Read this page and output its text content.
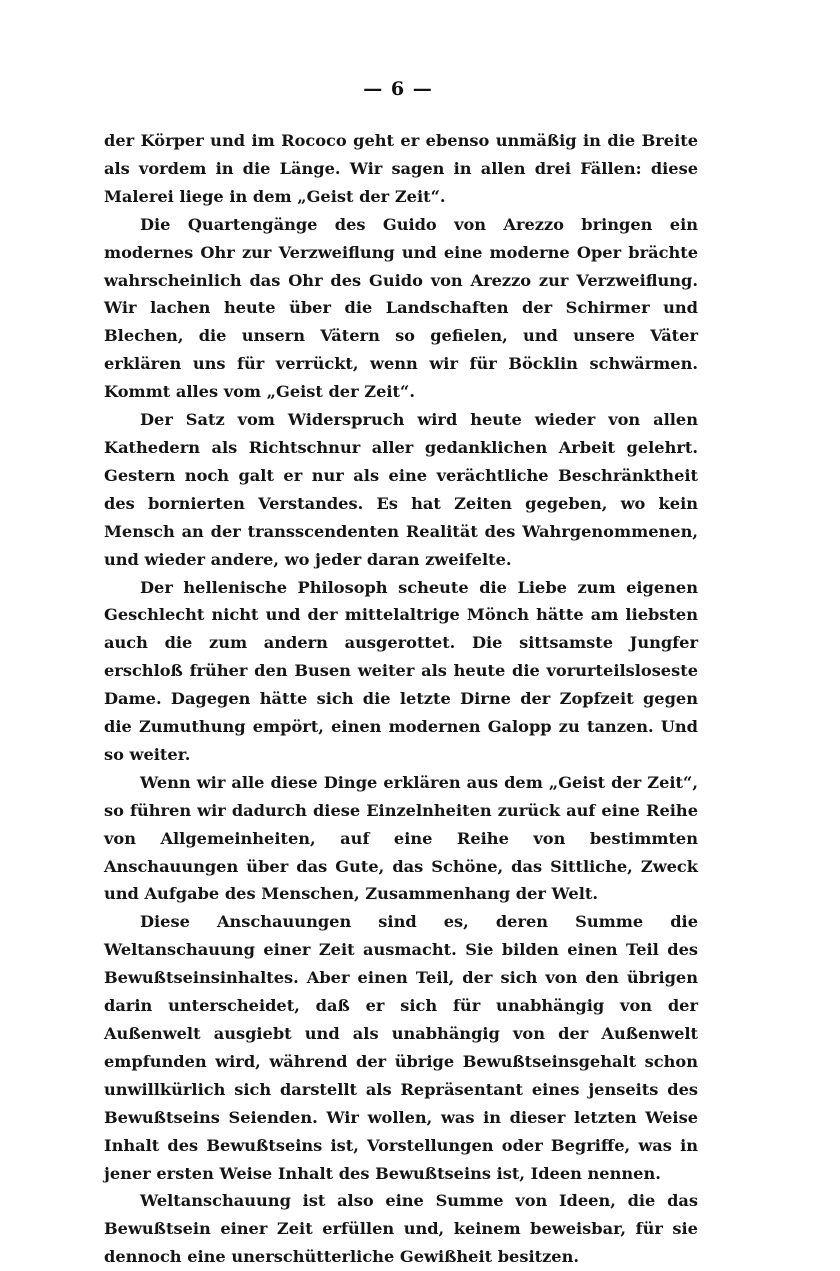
— 6 —

der Körper und im Rococo geht er ebenso unmäßig in die Breite als vordem in die Länge. Wir sagen in allen drei Fällen: diese Malerei liege in dem „Geist der Zeit“.

Die Quartengänge des Guido von Arezzo bringen ein modernes Ohr zur Verzweiflung und eine moderne Oper brächte wahrscheinlich das Ohr des Guido von Arezzo zur Verzweiflung. Wir lachen heute über die Landschaften der Schirmer und Blechen, die unsern Vätern so gefielen, und unsere Väter erklären uns für verrückt, wenn wir für Böcklin schwärmen. Kommt alles vom „Geist der Zeit“.

Der Satz vom Widerspruch wird heute wieder von allen Kathedern als Richtschnur aller gedanklichen Arbeit gelehrt. Gestern noch galt er nur als eine verächtliche Beschränktheit des bornierten Verstandes. Es hat Zeiten gegeben, wo kein Mensch an der transscendenten Realität des Wahrgenommenen, und wieder andere, wo jeder daran zweifelte.

Der hellenische Philosoph scheute die Liebe zum eigenen Geschlecht nicht und der mittelaltrige Mönch hätte am liebsten auch die zum andern ausgerottet. Die sittsamste Jungfer erschloß früher den Busen weiter als heute die vorurteilsloseste Dame. Dagegen hätte sich die letzte Dirne der Zopfzeit gegen die Zumuthung empört, einen modernen Galopp zu tanzen. Und so weiter.

Wenn wir alle diese Dinge erklären aus dem „Geist der Zeit“, so führen wir dadurch diese Einzelnheiten zurück auf eine Reihe von Allgemeinheiten, auf eine Reihe von bestimmten Anschauungen über das Gute, das Schöne, das Sittliche, Zweck und Aufgabe des Menschen, Zusammenhang der Welt.

Diese Anschauungen sind es, deren Summe die Weltanschauung einer Zeit ausmacht. Sie bilden einen Teil des Bewußtseinsinhaltes. Aber einen Teil, der sich von den übrigen darin unterscheidet, daß er sich für unabhängig von der Außenwelt ausgiebt und als unabhängig von der Außenwelt empfunden wird, während der übrige Bewußtseinsgehalt schon unwillkürlich sich darstellt als Repräsentant eines jenseits des Bewußtseins Seienden. Wir wollen, was in dieser letzten Weise Inhalt des Bewußtseins ist, Vorstellungen oder Begriffe, was in jener ersten Weise Inhalt des Bewußtseins ist, Ideen nennen.

Weltanschauung ist also eine Summe von Ideen, die das Bewußtsein einer Zeit erfüllen und, keinem beweisbar, für sie dennoch eine unerschütterliche Gewißheit besitzen.
